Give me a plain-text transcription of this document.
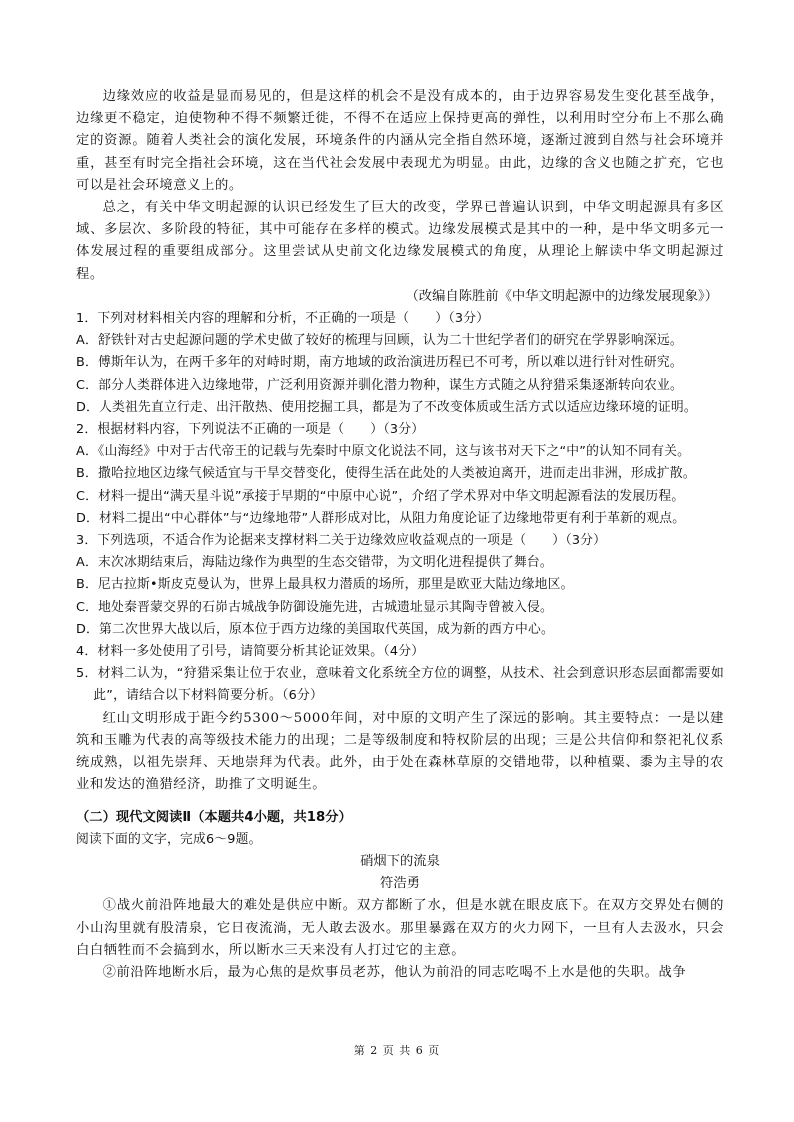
边缘效应的收益是显而易见的，但是这样的机会不是没有成本的，由于边界容易发生变化甚至战争，边缘更不稳定，迫使物种不得不频繁迁徙，不得不在适应上保持更高的弹性，以利用时空分布上不那么确定的资源。随着人类社会的演化发展，环境条件的内涵从完全指自然环境，逐渐过渡到自然与社会环境并重，甚至有时完全指社会环境，这在当代社会发展中表现尤为明显。由此，边缘的含义也随之扩充，它也可以是社会环境意义上的。

总之，有关中华文明起源的认识已经发生了巨大的改变，学界已普遍认识到，中华文明起源具有多区域、多层次、多阶段的特征，其中可能存在多样的模式。边缘发展模式是其中的一种，是中华文明多元一体发展过程的重要组成部分。这里尝试从史前文化边缘发展模式的角度，从理论上解读中华文明起源过程。

（改编自陈胜前《中华文明起源中的边缘发展现象》）

1．下列对材料相关内容的理解和分析，不正确的一项是（　　）（3分）

A．舒铁针对古史起源问题的学术史做了较好的梳理与回顾，认为二十世纪学者们的研究在学界影响深远。

B．傅斯年认为，在两千多年的对峙时期，南方地域的政治演进历程已不可考，所以难以进行针对性研究。

C．部分人类群体进入边缘地带，广泛利用资源并驯化潜力物种，谋生方式随之从狩猎采集逐渐转向农业。

D．人类祖先直立行走、出汗散热、使用挖掘工具，都是为了不改变体质或生活方式以适应边缘环境的证明。

2．根据材料内容，下列说法不正确的一项是（　　）（3分）

A．《山海经》中对于古代帝王的记载与先秦时中原文化说法不同，这与该书对天下之“中”的认知不同有关。

B．撒哈拉地区边缘气候适宜与干旱交替变化，使得生活在此处的人类被迫离开，进而走出非洲，形成扩散。

C．材料一提出“满天星斗说”承接于早期的“中原中心说”，介绍了学术界对中华文明起源看法的发展历程。

D．材料二提出“中心群体”与“边缘地带”人群形成对比，从阻力角度论证了边缘地带更有利于革新的观点。

3．下列选项，不适合作为论据来支撑材料二关于边缘效应收益观点的一项是（　　）（3分）

A．末次冰期结束后，海陆边缘作为典型的生态交错带，为文明化进程提供了舞台。

B．尼古拉斯•斯皮克曼认为，世界上最具权力潜质的场所，那里是欧亚大陆边缘地区。

C．地处秦晋蒙交界的石峁古城战争防御设施先进，古城遗址显示其陶寺曾被入侵。

D．第二次世界大战以后，原本位于西方边缘的美国取代英国，成为新的西方中心。

4．材料一多处使用了引号，请简要分析其论证效果。（4分）

5．材料二认为，“狩猎采集让位于农业，意味着文化系统全方位的调整，从技术、社会到意识形态层面都需要如此”，请结合以下材料简要分析。（6分）

红山文明形成于距今约5300～5000年间，对中原的文明产生了深远的影响。其主要特点：一是以建筑和玉雕为代表的高等级技术能力的出现；二是等级制度和特权阶层的出现；三是公共信仰和祭祀礼仪系统成熟，以祖先崇拜、天地崇拜为代表。此外，由于处在森林草原的交错地带，以种植粟、黍为主导的农业和发达的渔猎经济，助推了文明诞生。

（二）现代文阅读Ⅱ（本题共4小题，共18分）

阅读下面的文字，完成6～9题。

硝烟下的流泉

符浩勇

①战火前沿阵地最大的难处是供应中断。双方都断了水，但是水就在眼皮底下。在双方交界处右侧的小山沟里就有股清泉，它日夜流淌，无人敢去汲水。那里暴露在双方的火力网下，一旦有人去汲水，只会白白牺牲而不会搞到水，所以断水三天来没有人打过它的主意。

②前沿阵地断水后，最为心焦的是炊事员老苏，他认为前沿的同志吃喝不上水是他的失职。战争

第 2 页 共 6 页
